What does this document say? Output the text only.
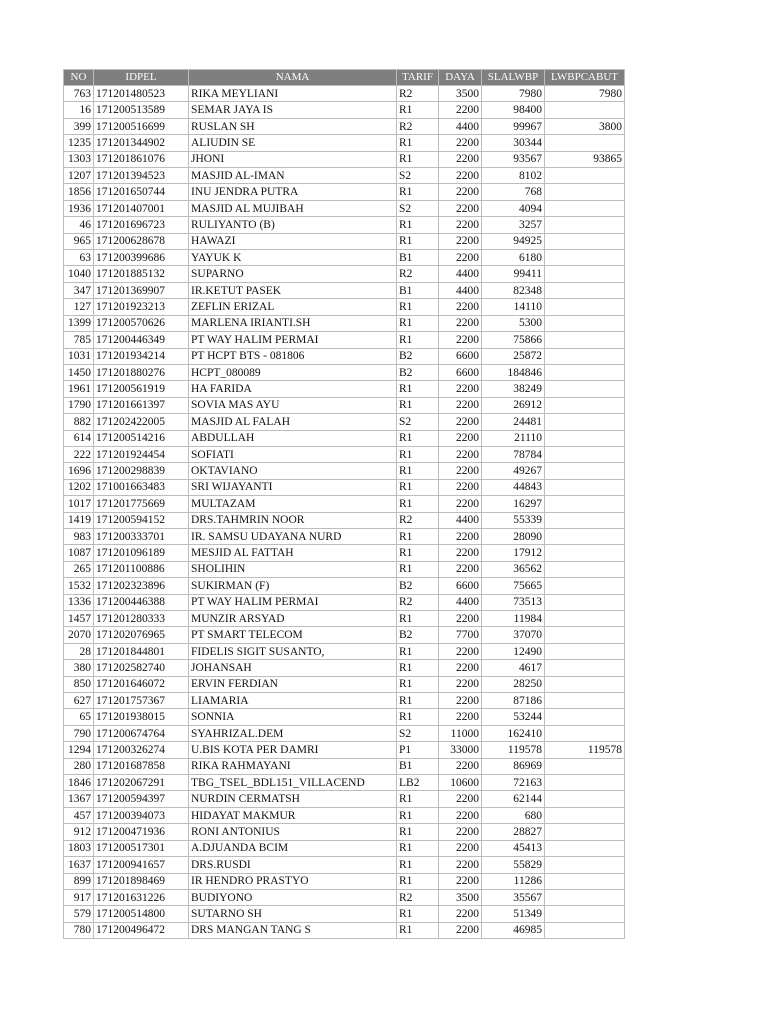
NO	IDPEL	NAMA	TARIF	DAYA	SLALWBP	LWBPCABUT
763	171201480523	RIKA MEYLIANI	R2	3500	7980	7980
16	171200513589	SEMAR JAYA IS	R1	2200	98400	
399	171200516699	RUSLAN SH	R2	4400	99967	3800
1235	171201344902	ALIUDIN SE	R1	2200	30344	
1303	171201861076	JHONI	R1	2200	93567	93865
1207	171201394523	MASJID AL-IMAN	S2	2200	8102	
1856	171201650744	INU JENDRA PUTRA	R1	2200	768	
1936	171201407001	MASJID AL MUJIBAH	S2	2200	4094	
46	171201696723	RULIYANTO (B)	R1	2200	3257	
965	171200628678	HAWAZI	R1	2200	94925	
63	171200399686	YAYUK K	B1	2200	6180	
1040	171201885132	SUPARNO	R2	4400	99411	
347	171201369907	IR.KETUT PASEK	B1	4400	82348	
127	171201923213	ZEFLIN ERIZAL	R1	2200	14110	
1399	171200570626	MARLENA IRIANTI.SH	R1	2200	5300	
785	171200446349	PT WAY HALIM PERMAI	R1	2200	75866	
1031	171201934214	PT HCPT BTS - 081806	B2	6600	25872	
1450	171201880276	HCPT_080089	B2	6600	184846	
1961	171200561919	HA FARIDA	R1	2200	38249	
1790	171201661397	SOVIA MAS AYU	R1	2200	26912	
882	171202422005	MASJID AL FALAH	S2	2200	24481	
614	171200514216	ABDULLAH	R1	2200	21110	
222	171201924454	SOFIATI	R1	2200	78784	
1696	171200298839	OKTAVIANO	R1	2200	49267	
1202	171001663483	SRI WIJAYANTI	R1	2200	44843	
1017	171201775669	MULTAZAM	R1	2200	16297	
1419	171200594152	DRS.TAHMRIN NOOR	R2	4400	55339	
983	171200333701	IR. SAMSU UDAYANA NURD	R1	2200	28090	
1087	171201096189	MESJID AL FATTAH	R1	2200	17912	
265	171201100886	SHOLIHIN	R1	2200	36562	
1532	171202323896	SUKIRMAN (F)	B2	6600	75665	
1336	171200446388	PT WAY HALIM PERMAI	R2	4400	73513	
1457	171201280333	MUNZIR ARSYAD	R1	2200	11984	
2070	171202076965	PT SMART TELECOM	B2	7700	37070	
28	171201844801	FIDELIS SIGIT SUSANTO,	R1	2200	12490	
380	171202582740	JOHANSAH	R1	2200	4617	
850	171201646072	ERVIN FERDIAN	R1	2200	28250	
627	171201757367	LIAMARIA	R1	2200	87186	
65	171201938015	SONNIA	R1	2200	53244	
790	171200674764	SYAHRIZAL.DEM	S2	11000	162410	
1294	171200326274	U.BIS KOTA PER DAMRI	P1	33000	119578	119578
280	171201687858	RIKA RAHMAYANI	B1	2200	86969	
1846	171202067291	TBG_TSEL_BDL151_VILLACEND	LB2	10600	72163	
1367	171200594397	NURDIN CERMATSH	R1	2200	62144	
457	171200394073	HIDAYAT MAKMUR	R1	2200	680	
912	171200471936	RONI ANTONIUS	R1	2200	28827	
1803	171200517301	A.DJUANDA BCIM	R1	2200	45413	
1637	171200941657	DRS.RUSDI	R1	2200	55829	
899	171201898469	IR HENDRO PRASTYO	R1	2200	11286	
917	171201631226	BUDIYONO	R2	3500	35567	
579	171200514800	SUTARNO SH	R1	2200	51349	
780	171200496472	DRS MANGAN TANG S	R1	2200	46985	
